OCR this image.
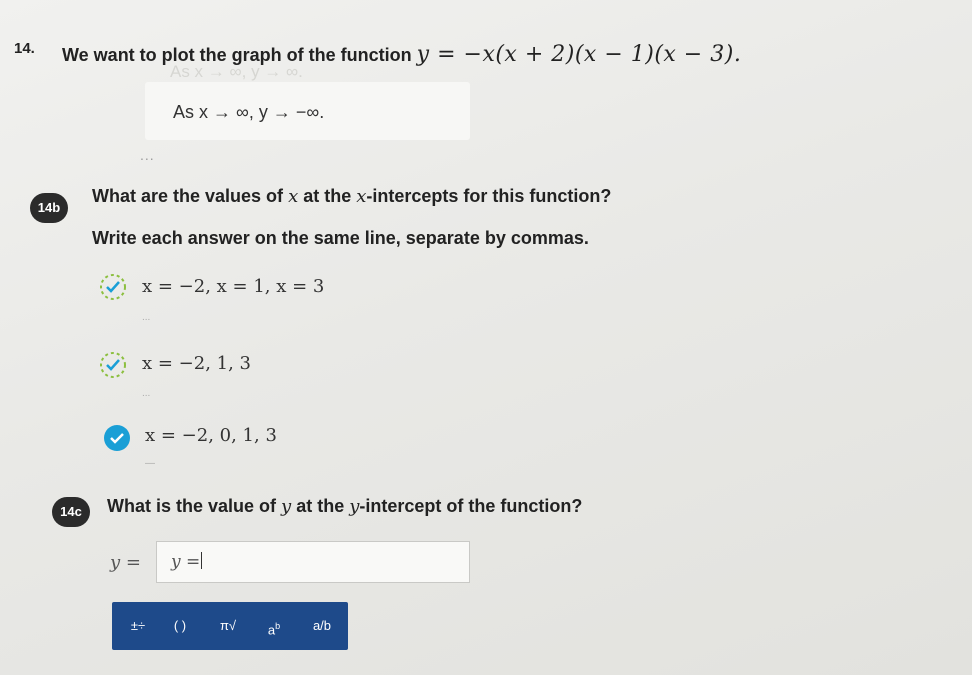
14. We want to plot the graph of the function y = −x(x + 2)(x − 1)(x − 3).
As x → ∞, y → ∞.
As x → ∞, y → −∞.
...
14b
What are the values of x at the x-intercepts for this function?
Write each answer on the same line, separate by commas.
x = −2, x = 1, x = 3
...
x = −2, 1, 3
...
x = −2, 0, 1, 3
—
14c	What is the value of y at the y-intercept of the function?
y = y =
±÷	( )	π√	$a^b$	a/b
